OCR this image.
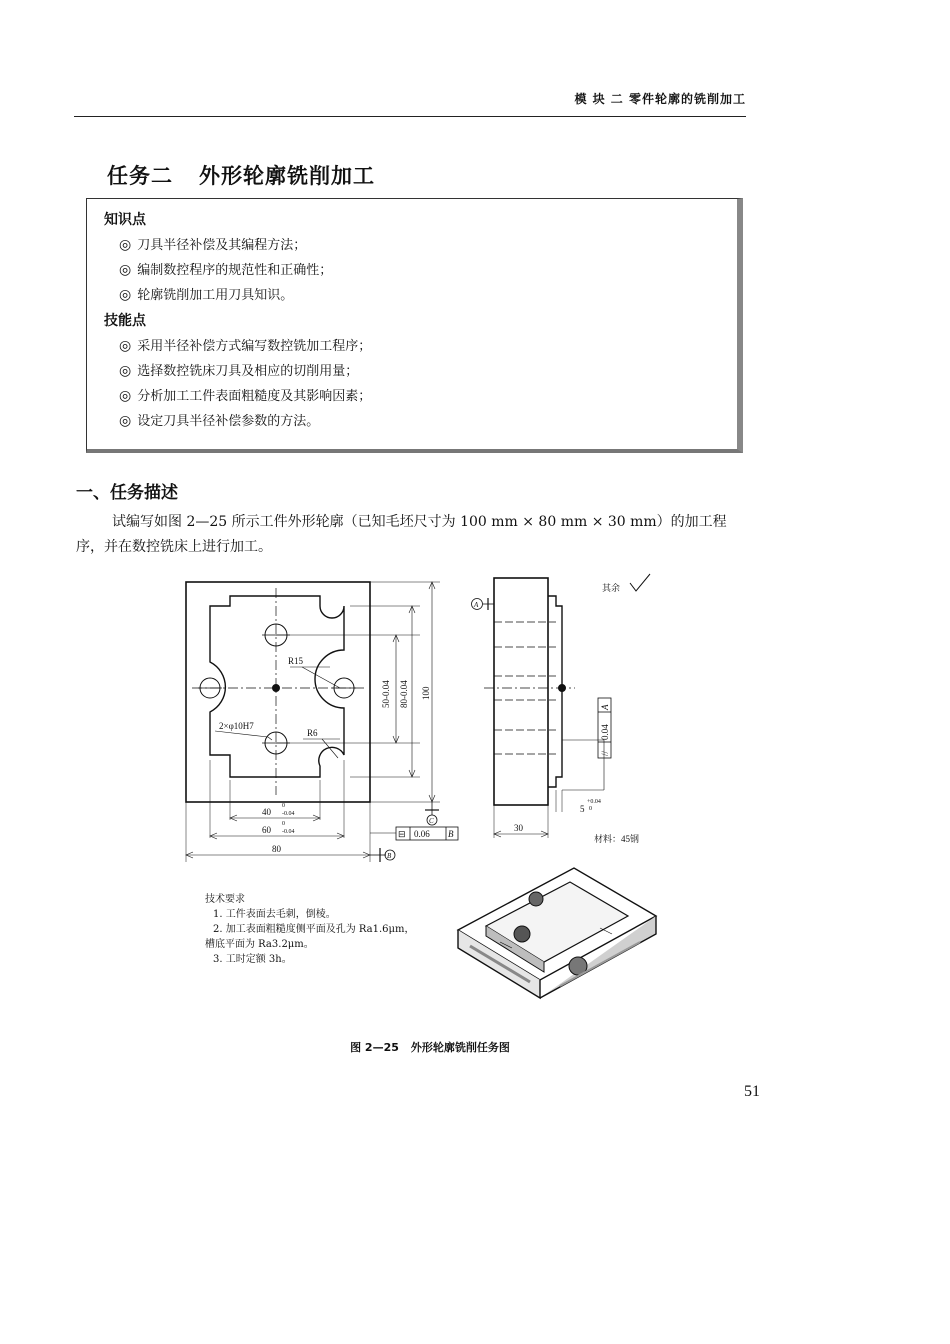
模 块 二 零件轮廓的铣削加工
任务二 外形轮廓铣削加工
知识点
◎ 刀具半径补偿及其编程方法；
◎ 编制数控程序的规范性和正确性；
◎ 轮廓铣削加工用刀具知识。
技能点
◎ 采用半径补偿方式编写数控铣加工程序；
◎ 选择数控铣床刀具及相应的切削用量；
◎ 分析加工工件表面粗糙度及其影响因素；
◎ 设定刀具半径补偿参数的方法。
一、任务描述
试编写如图 2—25 所示工件外形轮廓（已知毛坯尺寸为 100 mm × 80 mm × 30 mm）的加工程序，并在数控铣床上进行加工。
R15
2×φ10H7
R6
50-0.04 80-0.04 100
40
0
-0.04
60
0
-0.04
80
B
⊟ 0.06 B
C
A
//
0.04
A
5
+0.04
0
30
其余
材料：45钢
技术要求
1. 工件表面去毛刺，倒棱。
2. 加工表面粗糙度侧平面及孔为 Ra1.6μm，
槽底平面为 Ra3.2μm。
3. 工时定额 3h。
图 2—25 外形轮廓铣削任务图
51
